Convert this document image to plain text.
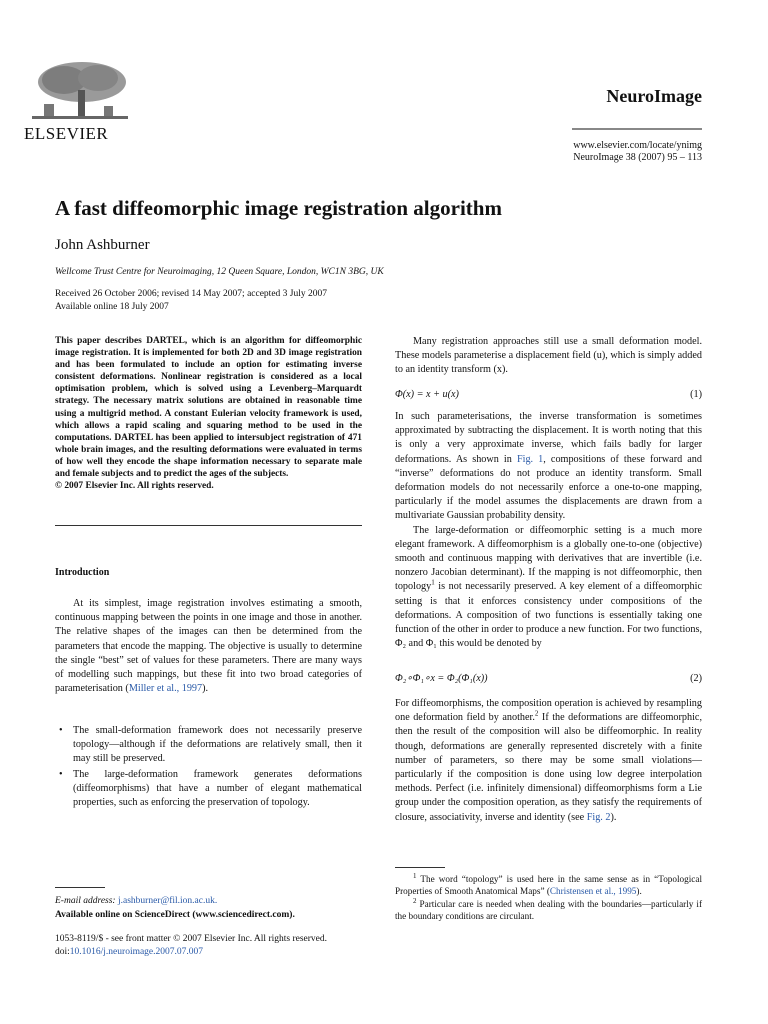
ELSEVIER
NeuroImage
www.elsevier.com/locate/ynimg
NeuroImage 38 (2007) 95 – 113
A fast diffeomorphic image registration algorithm
John Ashburner
Wellcome Trust Centre for Neuroimaging, 12 Queen Square, London, WC1N 3BG, UK
Received 26 October 2006; revised 14 May 2007; accepted 3 July 2007
Available online 18 July 2007

This paper describes DARTEL, which is an algorithm for diffeomorphic image registration. It is implemented for both 2D and 3D image registration and has been formulated to include an option for estimating inverse consistent deformations. Nonlinear registration is considered as a local optimisation problem, which is solved using a Levenberg–Marquardt strategy. The necessary matrix solutions are obtained in reasonable time using a multigrid method. A constant Eulerian velocity framework is used, which allows a rapid scaling and squaring method to be used in the computations. DARTEL has been applied to intersubject registration of 471 whole brain images, and the resulting deformations were evaluated in terms of how well they encode the shape information necessary to separate male and female subjects and to predict the ages of the subjects.

© 2007 Elsevier Inc. All rights reserved.

Introduction

At its simplest, image registration involves estimating a smooth, continuous mapping between the points in one image and those in another. The relative shapes of the images can then be determined from the parameters that encode the mapping. The objective is usually to determine the single “best” set of values for these parameters. There are many ways of modelling such mappings, but these fit into two broad categories of parameterisation (Miller et al., 1997).

• The small-deformation framework does not necessarily preserve topology—although if the deformations are relatively small, then it may still be preserved.
• The large-deformation framework generates deformations (diffeomorphisms) that have a number of elegant mathematical properties, such as enforcing the preservation of topology.
E-mail address: j.ashburner@fil.ion.ac.uk.
Available online on ScienceDirect (www.sciencedirect.com).
1053-8119/$ - see front matter © 2007 Elsevier Inc. All rights reserved.
doi:10.1016/j.neuroimage.2007.07.007

Many registration approaches still use a small deformation model. These models parameterise a displacement field (u), which is simply added to an identity transform (x).

Φ(x) = x + u(x)	(1)

In such parameterisations, the inverse transformation is sometimes approximated by subtracting the displacement. It is worth noting that this is only a very approximate inverse, which fails badly for larger deformations. As shown in Fig. 1, compositions of these forward and “inverse” deformations do not produce an identity transform. Small deformation models do not necessarily enforce a one-to-one mapping, particularly if the model assumes the displacements are drawn from a multivariate Gaussian probability density.

The large-deformation or diffeomorphic setting is a much more elegant framework. A diffeomorphism is a globally one-to-one (objective) smooth and continuous mapping with derivatives that are invertible (i.e. nonzero Jacobian determinant). If the mapping is not diffeomorphic, then topology$^1$ is not necessarily preserved. A key element of a diffeomorphic setting is that it enforces consistency under compositions of the deformations. A composition of two functions is essentially taking one function of the other in order to produce a new function. For two functions, Φ₂ and Φ₁ this would be denoted by

Φ₂∘Φ₁∘x = Φ₂(Φ₁(x))	(2)

For diffeomorphisms, the composition operation is achieved by resampling one deformation field by another.$^2$ If the deformations are diffeomorphic, then the result of the composition will also be diffeomorphic. In reality though, deformations are generally represented discretely with a finite number of parameters, so there may be some small violations—particularly if the composition is done using low degree interpolation methods. Perfect (i.e. infinitely dimensional) diffeomorphisms form a Lie group under the composition operation, as they satisfy the requirements of closure, associativity, inverse and identity (see Fig. 2).

$^1$ The word “topology” is used here in the same sense as in “Topological Properties of Smooth Anatomical Maps” (Christensen et al., 1995).

$^2$ Particular care is needed when dealing with the boundaries—particularly if the boundary conditions are circulant.
